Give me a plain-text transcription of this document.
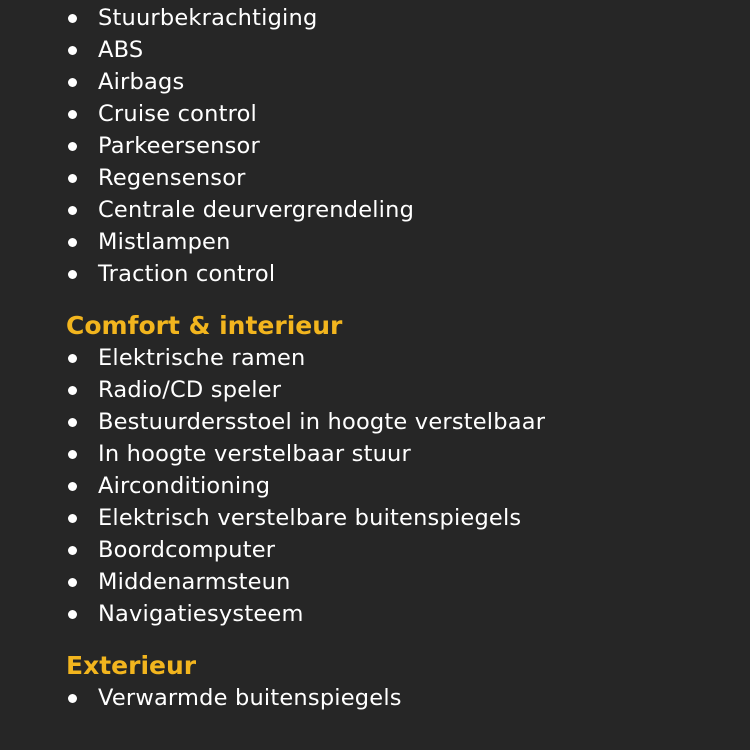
Stuurbekrachtiging
ABS
Airbags
Cruise control
Parkeersensor
Regensensor
Centrale deurvergrendeling
Mistlampen
Traction control
Comfort & interieur
Elektrische ramen
Radio/CD speler
Bestuurdersstoel in hoogte verstelbaar
In hoogte verstelbaar stuur
Airconditioning
Elektrisch verstelbare buitenspiegels
Boordcomputer
Middenarmsteun
Navigatiesysteem
Exterieur
Verwarmde buitenspiegels
